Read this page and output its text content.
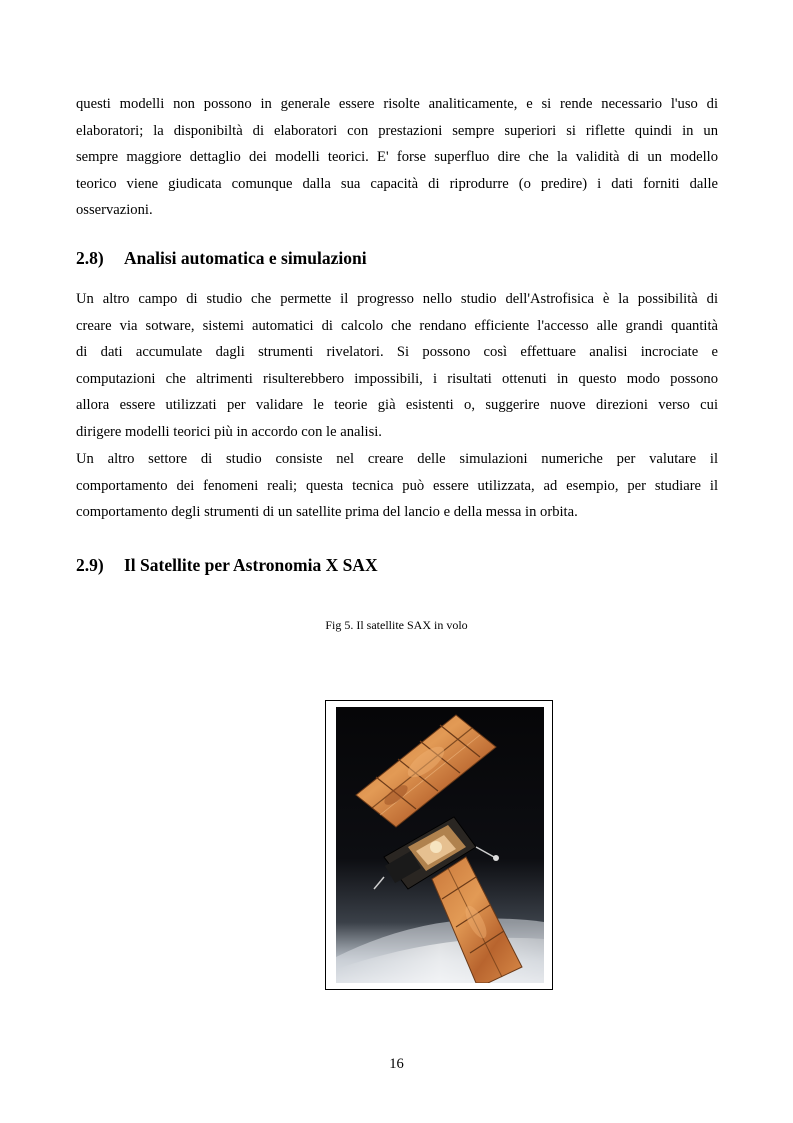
questi modelli non possono in generale essere risolte analiticamente, e si rende necessario l'uso di
elaboratori; la disponibiltà di elaboratori con prestazioni sempre superiori si riflette quindi in un
sempre maggiore dettaglio dei modelli teorici. E' forse superfluo dire che la validità di un modello
teorico viene giudicata comunque dalla sua capacità di riprodurre (o predire) i dati forniti dalle
osservazioni.
2.8) Analisi automatica e simulazioni
Un altro campo di studio che permette il progresso nello studio dell'Astrofisica è la possibilità di
creare via sotware, sistemi automatici di calcolo che rendano efficiente l'accesso alle grandi quantità
di dati accumulate dagli strumenti rivelatori. Si possono così effettuare analisi incrociate e
computazioni che altrimenti risulterebbero impossibili, i risultati ottenuti in questo modo possono
allora essere utilizzati per validare le teorie già esistenti o, suggerire nuove direzioni verso cui
dirigere modelli teorici più in accordo con le analisi.
Un altro settore di studio consiste nel creare delle simulazioni numeriche per valutare il
comportamento dei fenomeni reali; questa tecnica può essere utilizzata, ad esempio, per studiare il
comportamento degli strumenti di un satellite prima del lancio e della messa in orbita.
2.9) Il Satellite per Astronomia X SAX
Fig 5. Il satellite SAX in volo
16
